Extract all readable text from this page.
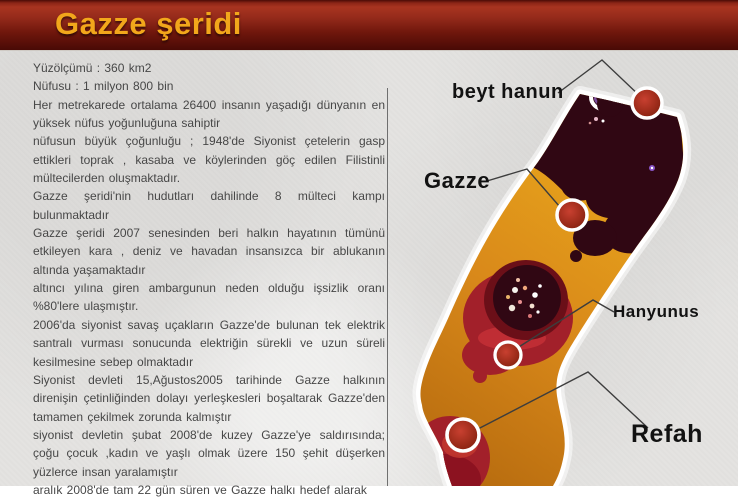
Gazze şeridi

Yüzölçümü : 360 km2

Nüfusu : 1 milyon 800 bin

Her metrekarede ortalama 26400 insanın yaşadığı dünyanın en yüksek nüfus yoğunluğuna sahiptir

nüfusun büyük çoğunluğu ; 1948'de Siyonist çetelerin gasp ettikleri toprak , kasaba ve köylerinden göç edilen Filistinli mültecilerden oluşmaktadır.

Gazze şeridi'nin hudutları dahilinde 8 mülteci kampı bulunmaktadır

Gazze şeridi 2007 senesinden beri halkın hayatının tümünü etkileyen kara , deniz ve havadan insansızca bir ablukanın altında yaşamaktadır

altıncı yılına giren ambargunun neden olduğu işsizlik oranı %80'lere ulaşmıştır.

2006'da siyonist savaş uçakların Gazze'de bulunan tek elektrik santralı vurması sonucunda elektriğin sürekli ve uzun süreli kesilmesine sebep olmaktadır

Siyonist devleti 15,Ağustos2005 tarihinde Gazze halkının direnişin çetinliğinden dolayı yerleşkesleri boşaltarak Gazze'den tamamen çekilmek zorunda kalmıştır

siyonist devletin şubat 2008'de kuzey Gazze'ye saldırısında; çoğu çocuk ,kadın ve yaşlı olmak üzere 150 şehit düşerken yüzlerce insan yaralamıştır

aralık 2008'de tam 22 gün süren ve Gazze halkı hedef alarak

beyt hanun
Gazze
Hanyunus
Refah
